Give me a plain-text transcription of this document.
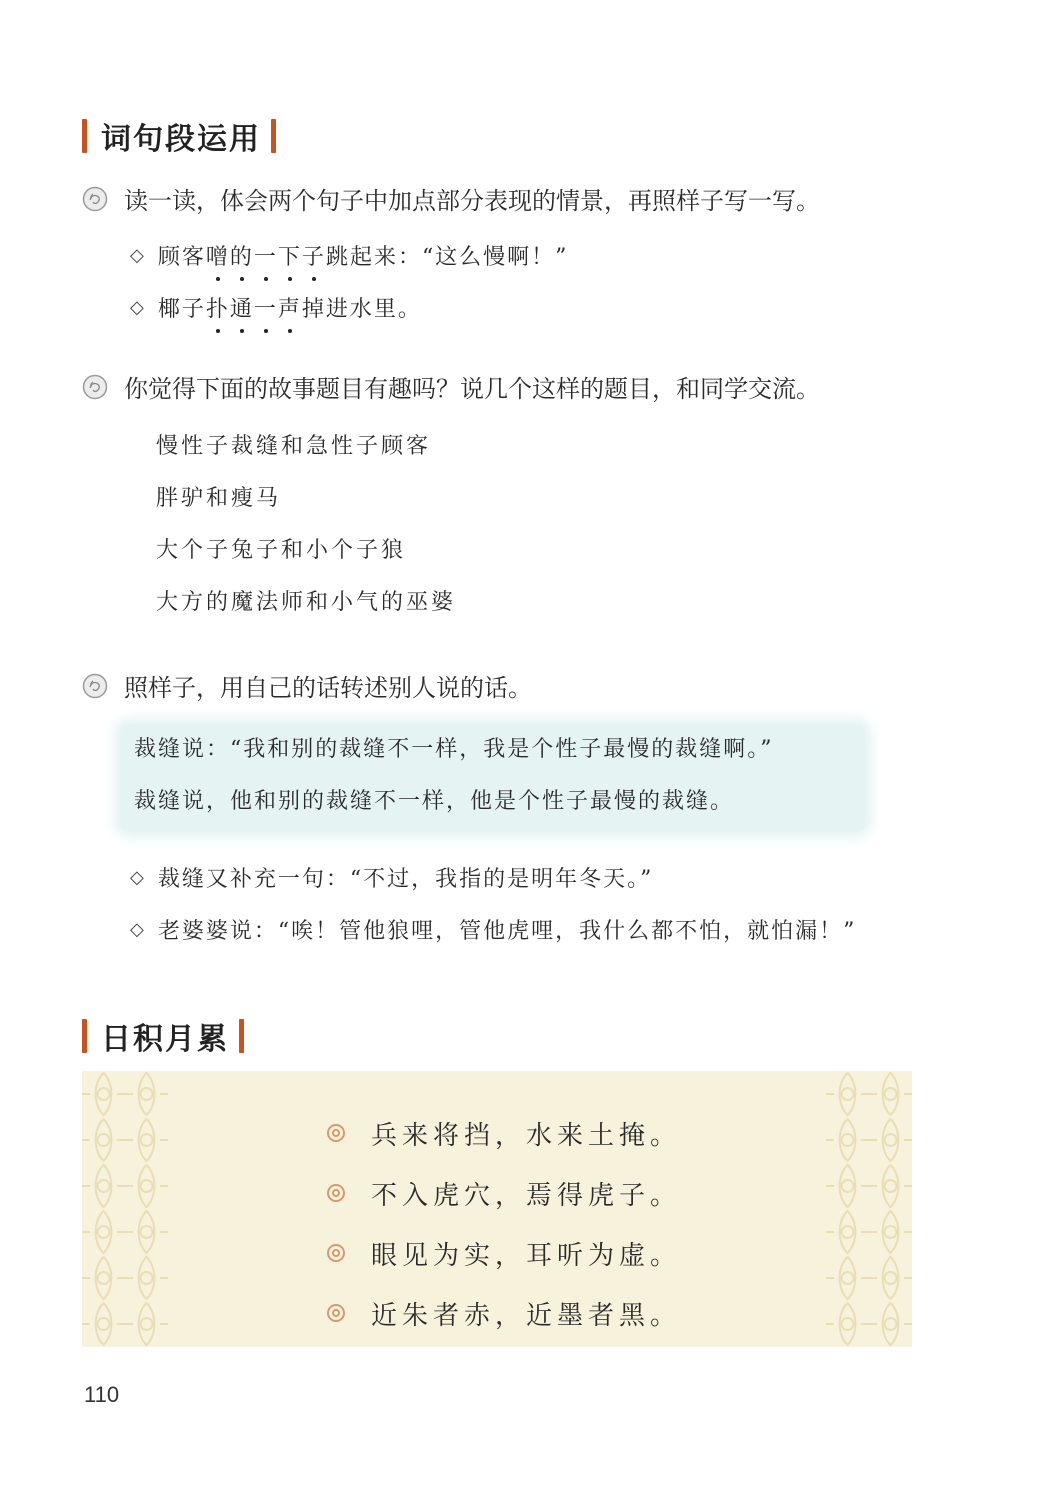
词句段运用
读一读，体会两个句子中加点部分表现的情景，再照样子写一写。
◇ 顾客 噌 的 一 下 子 跳起来：“这么慢啊！”
◇ 椰子 扑 通 一 声 掉进水里。
你觉得下面的故事题目有趣吗？说几个这样的题目，和同学交流。
慢性子裁缝和急性子顾客
胖驴和瘦马
大个子兔子和小个子狼
大方的魔法师和小气的巫婆
照样子，用自己的话转述别人说的话。
裁缝说：“我和别的裁缝不一样，我是个性子最慢的裁缝啊。”
裁缝说，他和别的裁缝不一样，他是个性子最慢的裁缝。
◇ 裁缝又补充一句：“不过，我指的是明年冬天。”
◇ 老婆婆说：“唉！管他狼哩，管他虎哩，我什么都不怕，就怕漏！”
日积月累
兵来将挡，水来土掩。
不入虎穴，焉得虎子。
眼见为实，耳听为虚。
近朱者赤，近墨者黑。
110
